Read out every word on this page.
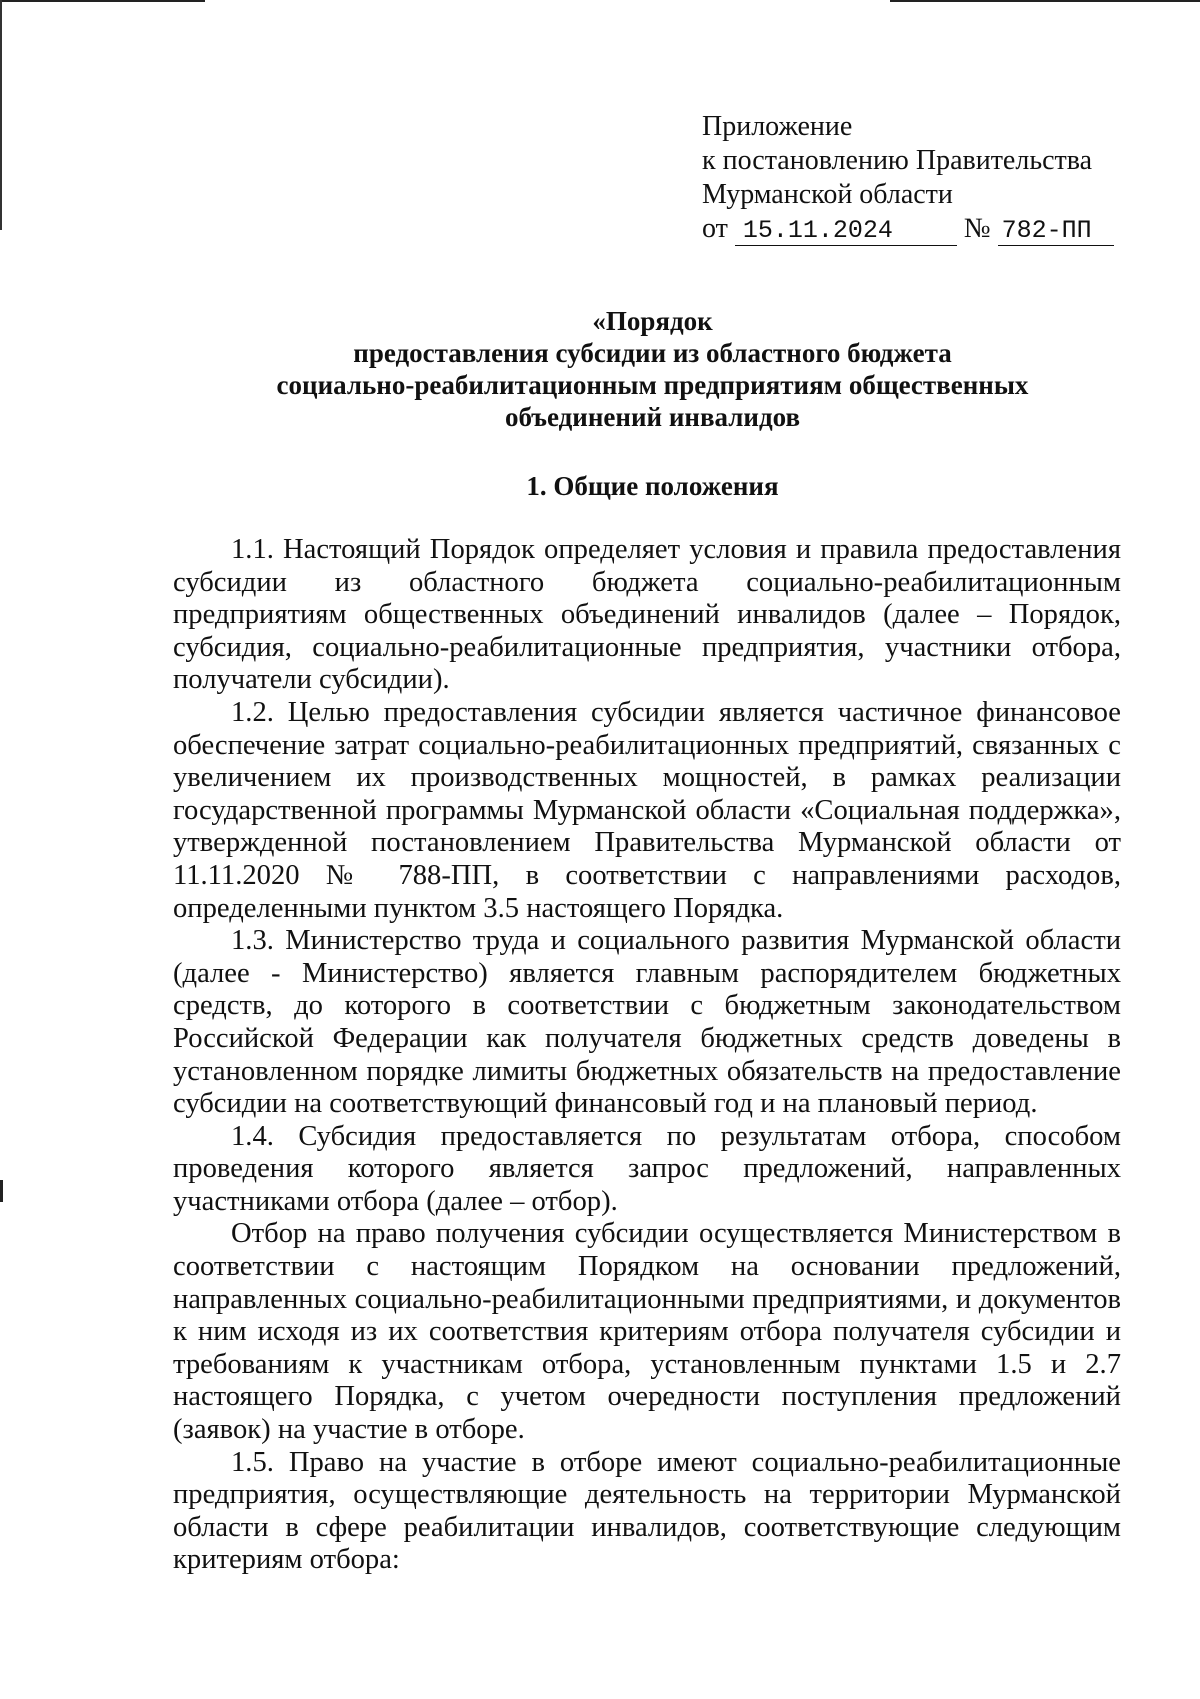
Приложение
к постановлению Правительства
Мурманской области
от 15.11.2024	№ 782-ПП
«Порядок
предоставления субсидии из областного бюджета
социально-реабилитационным предприятиям общественных
объединений инвалидов
1. Общие положения

1.1. Настоящий Порядок определяет условия и правила предоставления субсидии из областного бюджета социально-реабилитационным предприятиям общественных объединений инвалидов (далее – Порядок, субсидия, социально-реабилитационные предприятия, участники отбора, получатели субсидии).

1.2. Целью предоставления субсидии является частичное финансовое обеспечение затрат социально-реабилитационных предприятий, связанных с увеличением их производственных мощностей, в рамках реализации государственной программы Мурманской области «Социальная поддержка», утвержденной постановлением Правительства Мурманской области от 11.11.2020 № 788-ПП, в соответствии с направлениями расходов, определенными пунктом 3.5 настоящего Порядка.

1.3. Министерство труда и социального развития Мурманской области (далее - Министерство) является главным распорядителем бюджетных средств, до которого в соответствии с бюджетным законодательством Российской Федерации как получателя бюджетных средств доведены в установленном порядке лимиты бюджетных обязательств на предоставление субсидии на соответствующий финансовый год и на плановый период.

1.4. Субсидия предоставляется по результатам отбора, способом проведения которого является запрос предложений, направленных участниками отбора (далее – отбор).

Отбор на право получения субсидии осуществляется Министерством в соответствии с настоящим Порядком на основании предложений, направленных социально-реабилитационными предприятиями, и документов к ним исходя из их соответствия критериям отбора получателя субсидии и требованиям к участникам отбора, установленным пунктами 1.5 и 2.7 настоящего Порядка, с учетом очередности поступления предложений (заявок) на участие в отборе.

1.5. Право на участие в отборе имеют социально-реабилитационные предприятия, осуществляющие деятельность на территории Мурманской области в сфере реабилитации инвалидов, соответствующие следующим критериям отбора:
